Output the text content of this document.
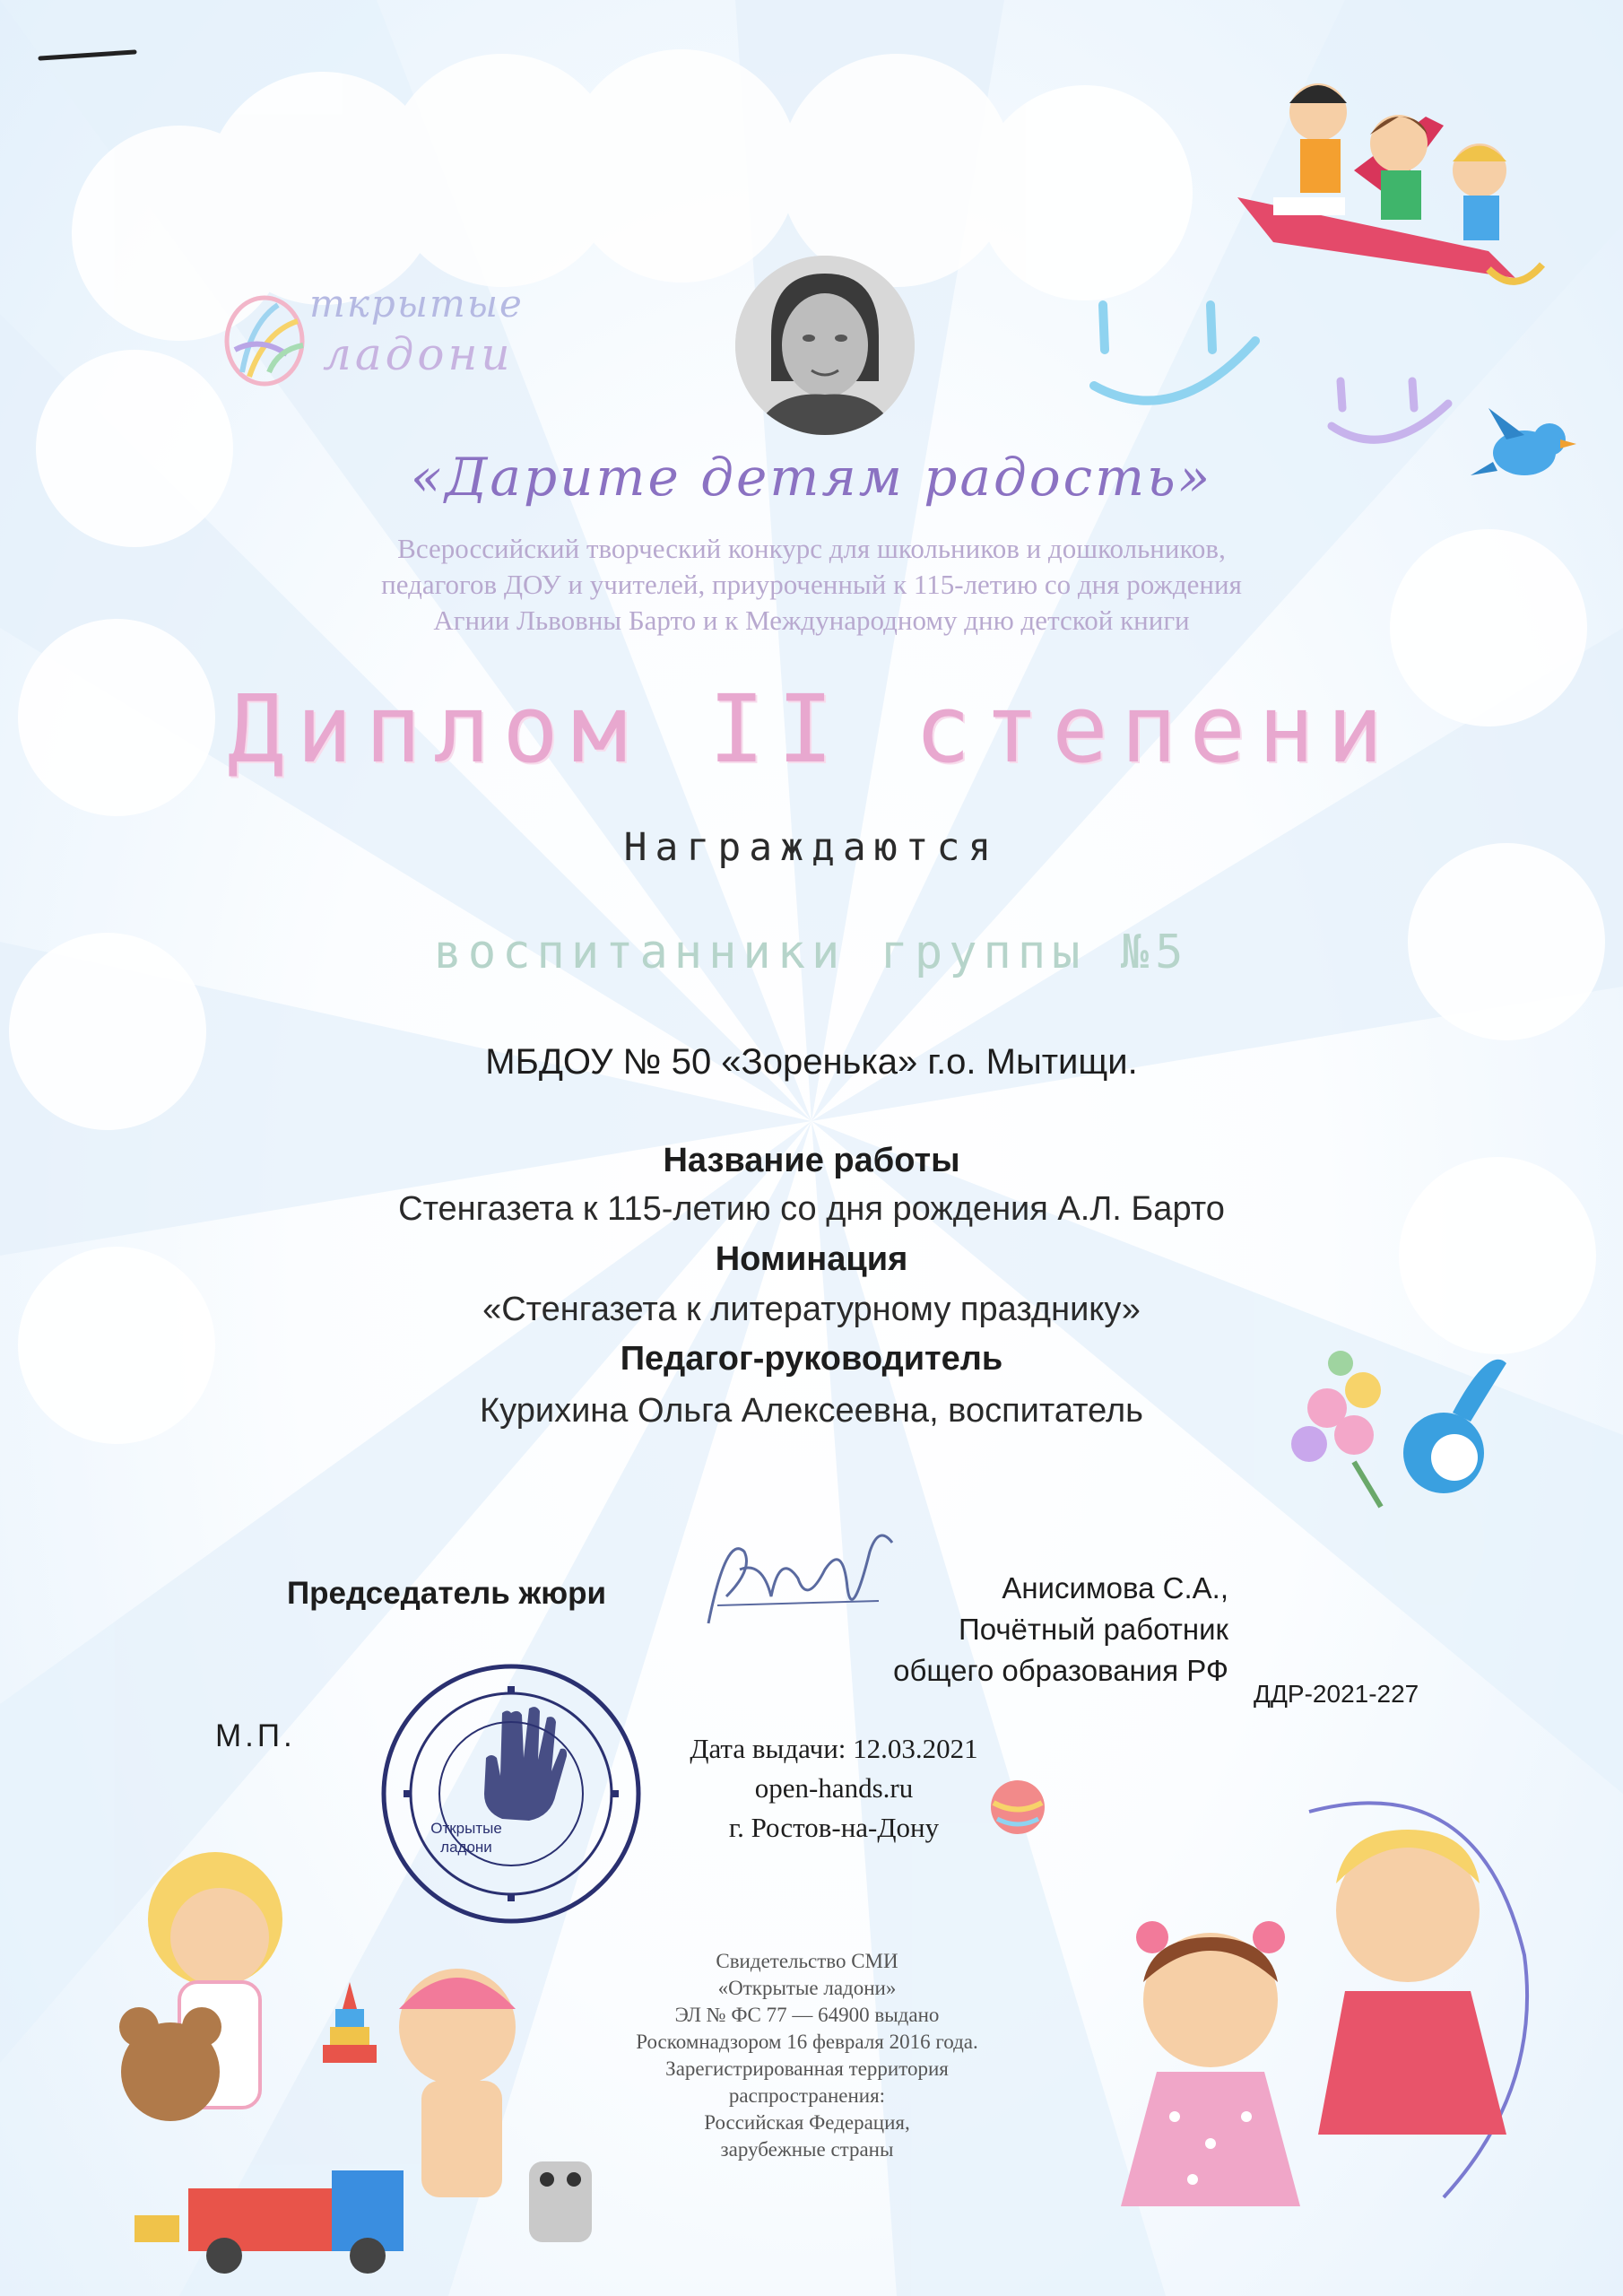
ткрытые
ладони
«Дарите детям радость»
Всероссийский творческий конкурс для школьников и дошкольников,
педагогов ДОУ и учителей, приуроченный к 115-летию со дня рождения
Агнии Львовны Барто и к Международному дню детской книги
Диплом II степени
Награждаются
воспитанники группы №5
МБДОУ № 50 «Зоренька» г.о. Мытищи.
Название работы
Стенгазета к 115-летию со дня рождения А.Л. Барто
Номинация
«Стенгазета к литературному празднику»
Педагог-руководитель
Курихина Ольга Алексеевна, воспитатель
Председатель жюри	Анисимова С.А.,
Почётный работник
общего образования РФ
ДДР-2021-227
М.П.
Открытые
ладони
Дата выдачи: 12.03.2021
open-hands.ru
г. Ростов-на-Дону
Свидетельство СМИ
«Открытые ладони»
ЭЛ № ФС 77 — 64900 выдано
Роскомнадзором 16 февраля 2016 года.
Зарегистрированная территория
распространения:
Российская Федерация,
зарубежные страны
